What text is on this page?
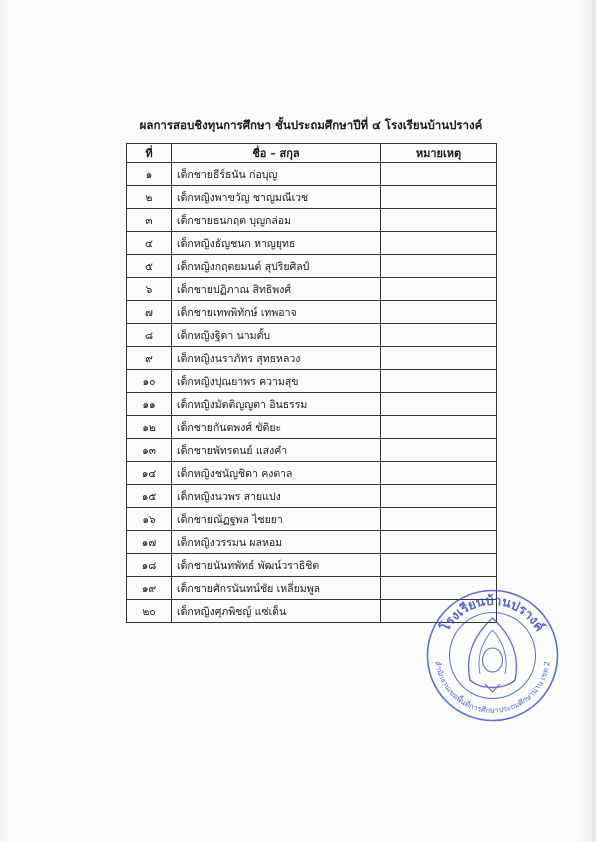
ผลการสอบชิงทุนการศึกษา ชั้นประถมศึกษาปีที่ ๔ โรงเรียนบ้านปรางค์
ที่	ชื่อ – สกุล	หมายเหตุ
๑	เด็กชายธีร์ธนัน ก่อบุญ	
๒	เด็กหญิงพาขวัญ ชาญมณีเวช	
๓	เด็กชายธนกฤต บุญกล่อม	
๔	เด็กหญิงธัญชนก หาญยุทธ	
๕	เด็กหญิงกฤตยมนต์ สุปริยศิลป์	
๖	เด็กชายปฏิภาณ สิทธิพงศ์	
๗	เด็กชายเทพพิทักษ์ เทพอาจ	
๘	เด็กหญิงฐิตา นามตั้บ	
๙	เด็กหญิงนราภัทร สุทธหลวง	
๑๐	เด็กหญิงปุณยาพร ความสุข	
๑๑	เด็กหญิงมัตติญญตา อินธรรม	
๑๒	เด็กชายกันตพงศ์ ขัติยะ	
๑๓	เด็กชายพัทรตนย์ แสงคำ	
๑๔	เด็กหญิงชนัญชิดา คงตาล	
๑๕	เด็กหญิงนวพร สายแปง	
๑๖	เด็กชายณัฏฐพล ไชยยา	
๑๗	เด็กหญิงวรรมน ผลหอม	
๑๘	เด็กชายนันทพัทธ์ พัฒน์วราธิชิต	
๑๙	เด็กชายศักรนันทน์ชัย เหลี่ยมพูล	
๒๐	เด็กหญิงศุภพิชญ์ แซ่เต็น	
โรงเรียนบ้านปรางค์
สำนักงานเขตพื้นที่การศึกษาประถมศึกษาน่าน เขต 2
